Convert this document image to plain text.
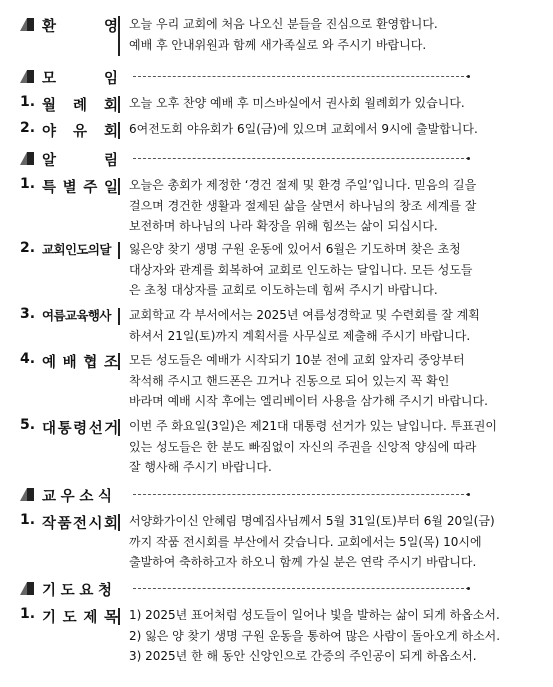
환	영 오늘 우리 교회에 처음 나오신 분들을 진심으로 환영합니다.
예배 후 안내위원과 함께 새가족실로 와 주시기 바랍니다.
모	임
1. 월 례 회 오늘 오후 찬양 예배 후 미스바실에서 권사회 월례회가 있습니다.
2. 야 유 회 6여전도회 야유회가 6일(금)에 있으며 교회에서 9시에 출발합니다.
알	림
1. 특 별 주 일 오늘은 총회가 제정한 ‘경건 절제 및 환경 주일’입니다. 믿음의 길을
걸으며 경건한 생활과 절제된 삶을 살면서 하나님의 창조 세계를 잘
보전하며 하나님의 나라 확장을 위해 힘쓰는 삶이 되십시다.
2. 교회인도의달	잃은양 찾기 생명 구원 운동에 있어서 6월은 기도하며 찾은 초청
대상자와 관계를 회복하여 교회로 인도하는 달입니다. 모든 성도들
은 초청 대상자를 교회로 이도하는데 힘써 주시기 바랍니다.
3. 여름교육행사	교회학교 각 부서에서는 2025년 여름성경학교 및 수련회를 잘 계획
하셔서 21일(토)까지 계획서를 사무실로 제출해 주시기 바랍니다.
4. 예 배 협 조 모든 성도들은 예배가 시작되기 10분 전에 교회 앞자리 중앙부터
착석해 주시고 핸드폰은 끄거나 진동으로 되어 있는지 꼭 확인
바라며 예배 시작 후에는 엘리베이터 사용을 삼가해 주시기 바랍니다.
5. 대 통 령 선 거 이번 주 화요일(3일)은 제21대 대통령 선거가 있는 날입니다. 투표권이
있는 성도들은 한 분도 빠짐없이 자신의 주권을 신앙적 양심에 따라
잘 행사해 주시기 바랍니다.
교 우 소 식
1. 작 품 전 시 회 서양화가이신 안혜림 명예집사님께서 5월 31일(토)부터 6월 20일(금)
까지 작품 전시회를 부산에서 갖습니다. 교회에서는 5일(목) 10시에
출발하여 축하하고자 하오니 함께 가실 분은 연락 주시기 바랍니다.
기 도 요 청
1. 기 도 제 목 1) 2025년 표어처럼 성도들이 일어나 빛을 발하는 삶이 되게 하옵소서.
2) 잃은 양 찾기 생명 구원 운동을 통하여 많은 사람이 돌아오게 하소서.
3) 2025년 한 해 동안 신앙인으로 간증의 주인공이 되게 하옵소서.
